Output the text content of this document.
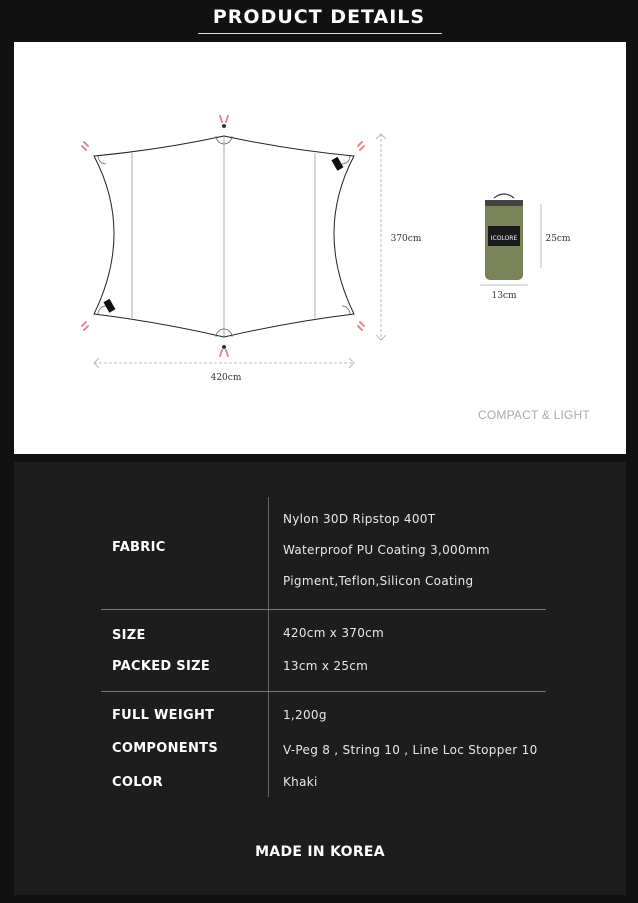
PRODUCT DETAILS
420cm
370cm	ICOLORE	25cm
13cm
COMPACT & LIGHT
FABRIC
Nylon 30D Ripstop 400T
Waterproof PU Coating 3,000mm
Pigment,Teflon,Silicon Coating
SIZE	420cm x 370cm
PACKED SIZE	13cm x 25cm
FULL WEIGHT	1,200g
COMPONENTS	V-Peg 8 , String 10 , Line Loc Stopper 10
COLOR	Khaki
MADE IN KOREA
